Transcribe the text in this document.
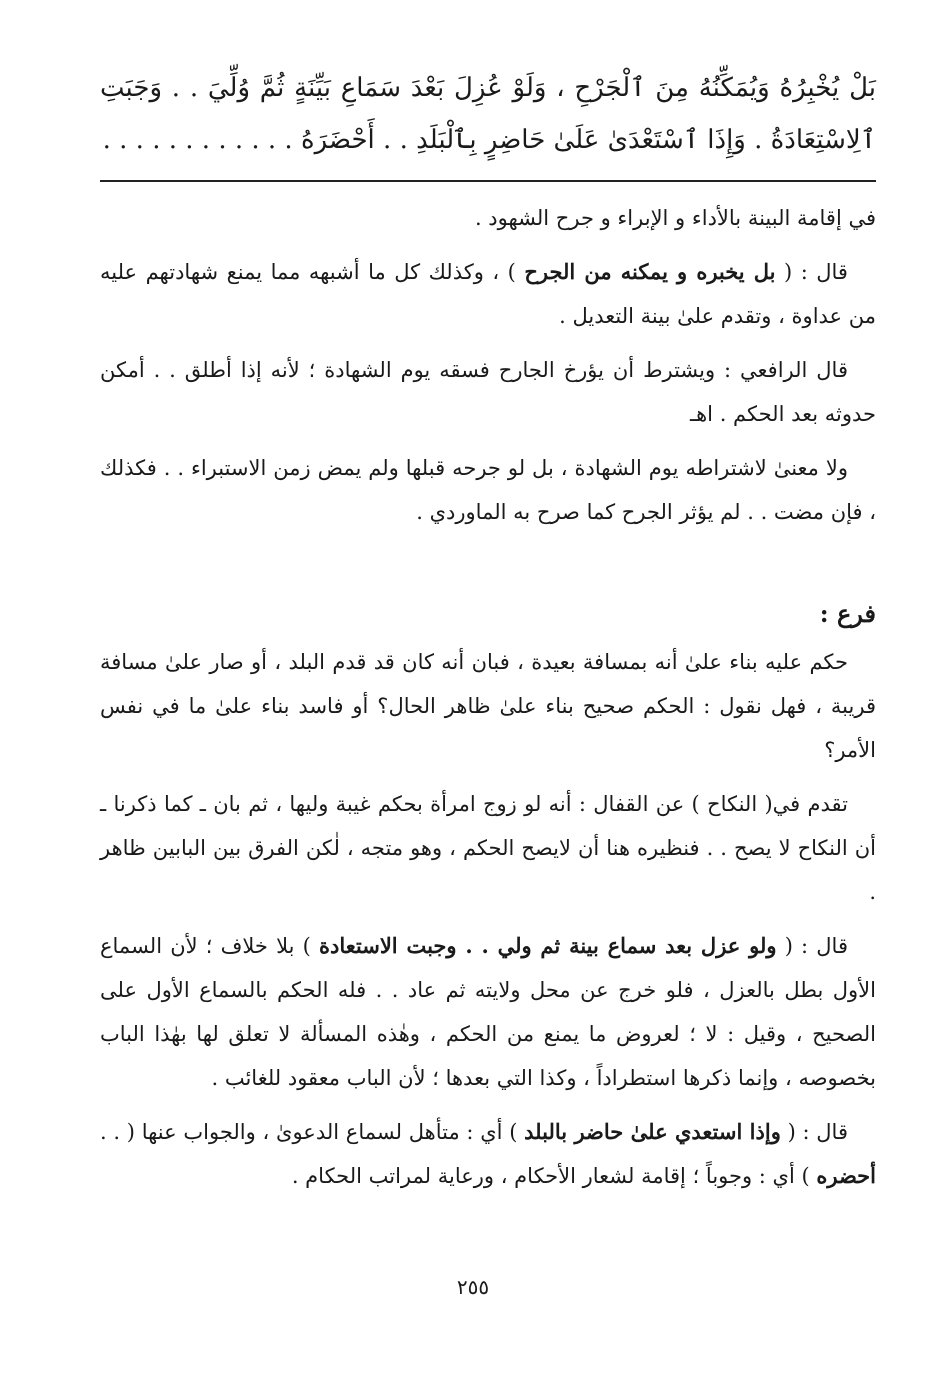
بَلْ يُخْبِرُهُ وَيُمَكِّنُهُ مِنَ ٱلْجَرْحِ ، وَلَوْ عُزِلَ بَعْدَ سَمَاعِ بَيِّنَةٍ ثُمَّ وُلِّيَ . . وَجَبَتِ ٱلِاسْتِعَادَةُ . وَإِذَا ٱسْتَعْدَىٰ عَلَىٰ حَاضِرٍ بِٱلْبَلَدِ . . أَحْضَرَهُ . . . . . . . . . . . .

في إقامة البينة بالأداء و الإبراء و جرح الشهود .

قال : ( بل يخبره و يمكنه من الجرح ) ، وكذلك كل ما أشبهه مما يمنع شهادتهم عليه من عداوة ، وتقدم علىٰ بينة التعديل .

قال الرافعي : ويشترط أن يؤرخ الجارح فسقه يوم الشهادة ؛ لأنه إذا أطلق . . أمكن حدوثه بعد الحكم . اهـ

ولا معنىٰ لاشتراطه يوم الشهادة ، بل لو جرحه قبلها ولم يمض زمن الاستبراء . . فكذلك ، فإن مضت . . لم يؤثر الجرح كما صرح به الماوردي .

فرع :

حكم عليه بناء علىٰ أنه بمسافة بعيدة ، فبان أنه كان قد قدم البلد ، أو صار علىٰ مسافة قريبة ، فهل نقول : الحكم صحيح بناء علىٰ ظاهر الحال؟ أو فاسد بناء علىٰ ما في نفس الأمر؟

تقدم في( النكاح ) عن القفال : أنه لو زوج امرأة بحكم غيبة وليها ، ثم بان ـ كما ذكرنا ـ أن النكاح لا يصح . . فنظيره هنا أن لايصح الحكم ، وهو متجه ، لٰكن الفرق بين البابين ظاهر .

قال : ( ولو عزل بعد سماع بينة ثم ولي . . وجبت الاستعادة ) بلا خلاف ؛ لأن السماع الأول بطل بالعزل ، فلو خرج عن محل ولايته ثم عاد . . فله الحكم بالسماع الأول على الصحيح ، وقيل : لا ؛ لعروض ما يمنع من الحكم ، وهٰذه المسألة لا تعلق لها بهٰذا الباب بخصوصه ، وإنما ذكرها استطراداً ، وكذا التي بعدها ؛ لأن الباب معقود للغائب .

قال : ( وإذا استعدي علىٰ حاضر بالبلد ) أي : متأهل لسماع الدعوىٰ ، والجواب عنها ( . . أحضره ) أي : وجوباً ؛ إقامة لشعار الأحكام ، ورعاية لمراتب الحكام .

٢٥٥
